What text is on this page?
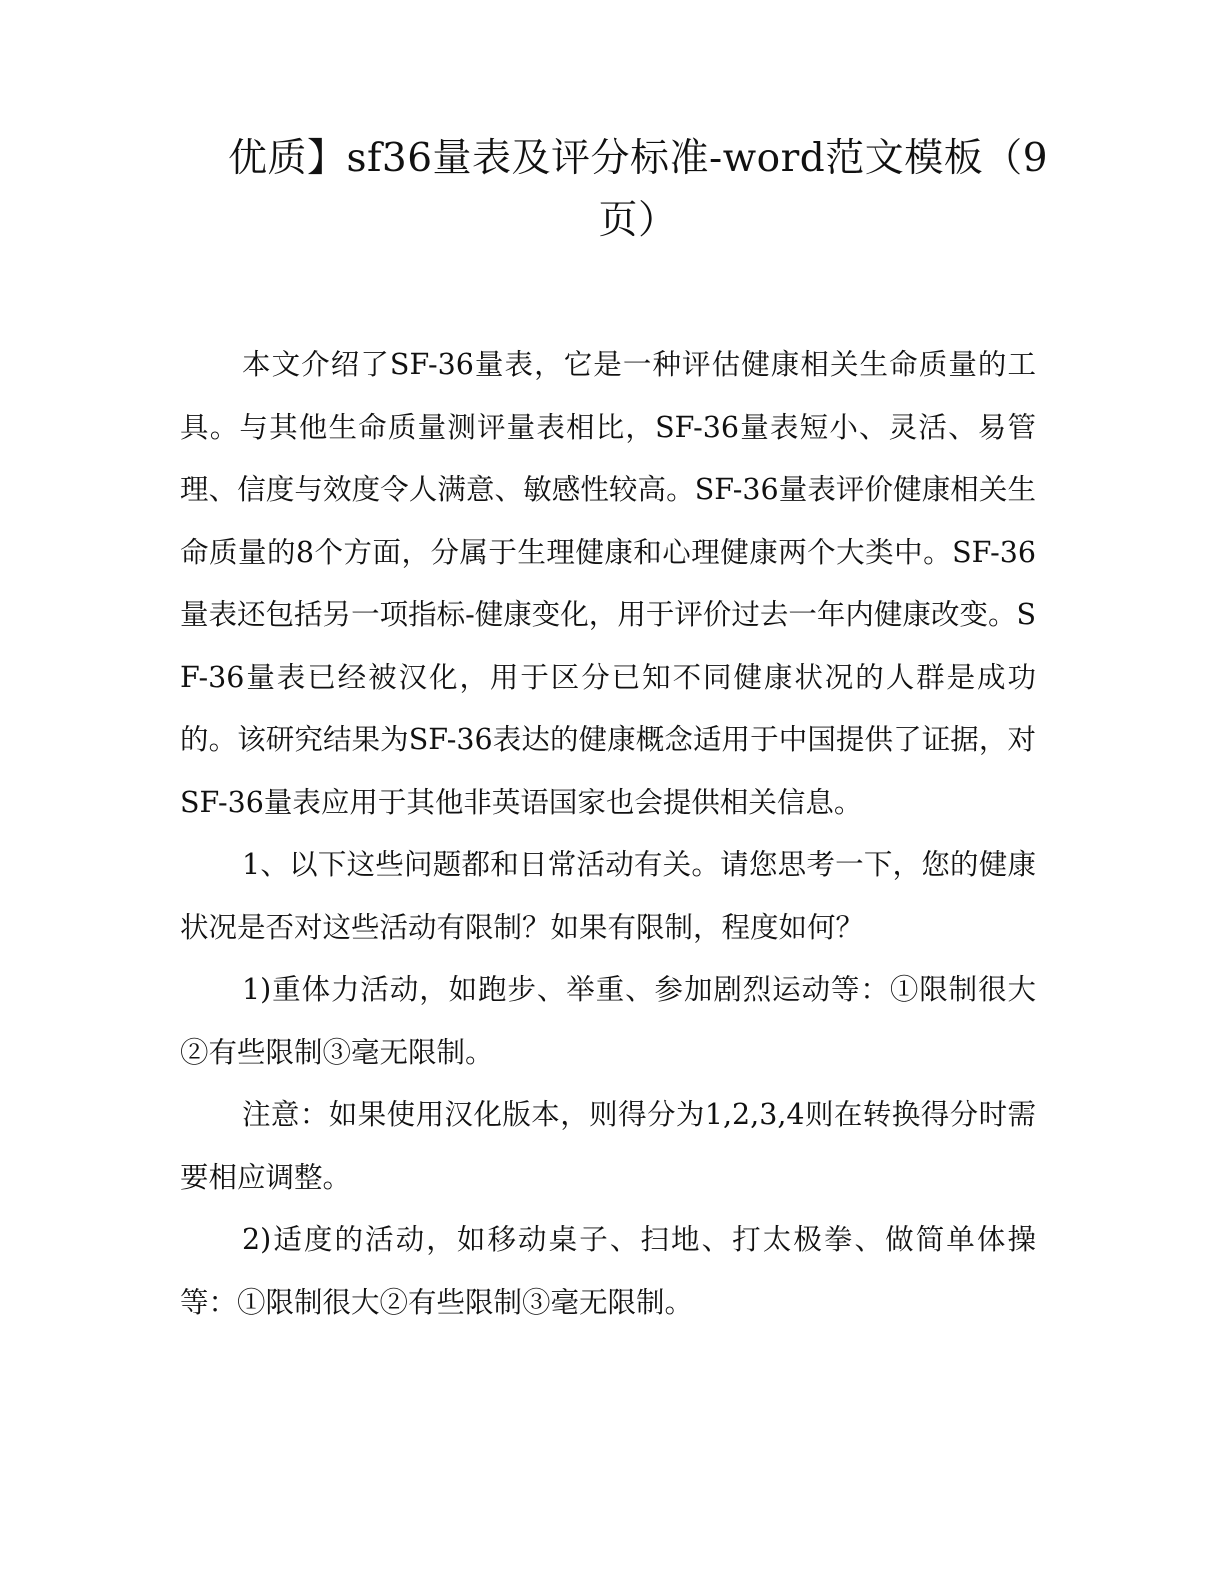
优质】sf36量表及评分标准-word范文模板（9页）

本文介绍了SF-36量表，它是一种评估健康相关生命质量的工具。与其他生命质量测评量表相比，SF-36量表短小、灵活、易管理、信度与效度令人满意、敏感性较高。SF-36量表评价健康相关生命质量的8个方面，分属于生理健康和心理健康两个大类中。SF-36量表还包括另一项指标-健康变化，用于评价过去一年内健康改变。SF-36量表已经被汉化，用于区分已知不同健康状况的人群是成功的。该研究结果为SF-36表达的健康概念适用于中国提供了证据，对SF-36量表应用于其他非英语国家也会提供相关信息。

1、以下这些问题都和日常活动有关。请您思考一下，您的健康状况是否对这些活动有限制？如果有限制，程度如何？

1)重体力活动，如跑步、举重、参加剧烈运动等：①限制很大②有些限制③毫无限制。

注意：如果使用汉化版本，则得分为1,2,3,4则在转换得分时需要相应调整。

2)适度的活动，如移动桌子、扫地、打太极拳、做简单体操等：①限制很大②有些限制③毫无限制。
